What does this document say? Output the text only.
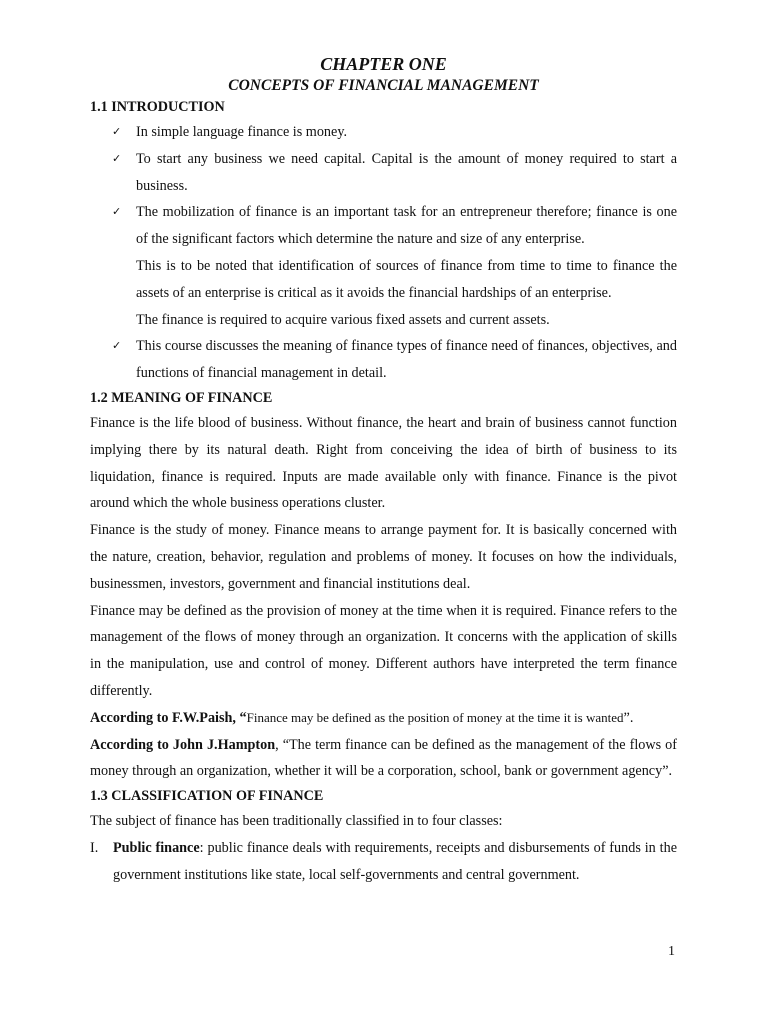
CHAPTER ONE
CONCEPTS OF FINANCIAL MANAGEMENT
1.1 INTRODUCTION
✓ In simple language finance is money.
✓ To start any business we need capital. Capital is the amount of money required to start a business.
✓ The mobilization of finance is an important task for an entrepreneur therefore; finance is one of the significant factors which determine the nature and size of any enterprise.

This is to be noted that identification of sources of finance from time to time to finance the assets of an enterprise is critical as it avoids the financial hardships of an enterprise.

The finance is required to acquire various fixed assets and current assets.

✓ This course discusses the meaning of finance types of finance need of finances, objectives, and functions of financial management in detail.
1.2 MEANING OF FINANCE

Finance is the life blood of business. Without finance, the heart and brain of business cannot function implying there by its natural death. Right from conceiving the idea of birth of business to its liquidation, finance is required. Inputs are made available only with finance. Finance is the pivot around which the whole business operations cluster.

Finance is the study of money. Finance means to arrange payment for. It is basically concerned with the nature, creation, behavior, regulation and problems of money. It focuses on how the individuals, businessmen, investors, government and financial institutions deal.

Finance may be defined as the provision of money at the time when it is required. Finance refers to the management of the flows of money through an organization. It concerns with the application of skills in the manipulation, use and control of money. Different authors have interpreted the term finance differently.

According to F.W.Paish, “Finance may be defined as the position of money at the time it is wanted”.

According to John J.Hampton, “The term finance can be defined as the management of the flows of money through an organization, whether it will be a corporation, school, bank or government agency”.

1.3 CLASSIFICATION OF FINANCE

The subject of finance has been traditionally classified in to four classes:

I. Public finance: public finance deals with requirements, receipts and disbursements of funds in the government institutions like state, local self-governments and central government.
1
